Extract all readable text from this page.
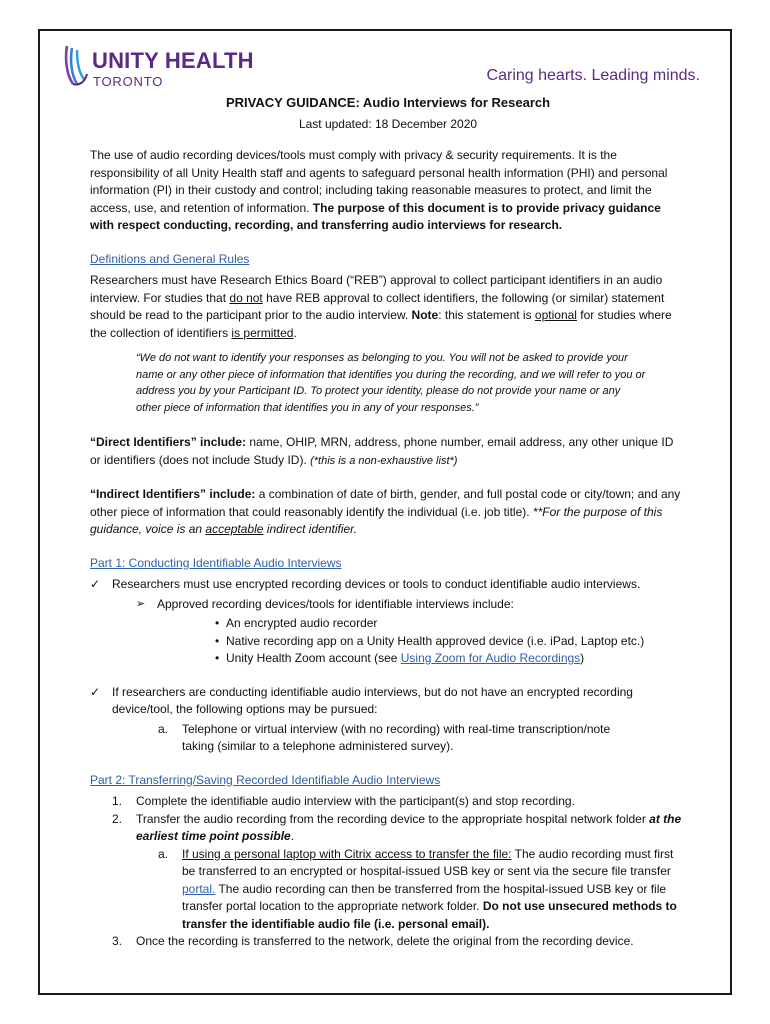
UNITY HEALTH
TORONTO	Caring hearts. Leading minds.

PRIVACY GUIDANCE: Audio Interviews for Research

Last updated: 18 December 2020

The use of audio recording devices/tools must comply with privacy & security requirements. It is the responsibility of all Unity Health staff and agents to safeguard personal health information (PHI) and personal information (PI) in their custody and control; including taking reasonable measures to protect, and limit the access, use, and retention of information. The purpose of this document is to provide privacy guidance with respect conducting, recording, and transferring audio interviews for research.

Definitions and General Rules

Researchers must have Research Ethics Board (“REB”) approval to collect participant identifiers in an audio interview. For studies that do not have REB approval to collect identifiers, the following (or similar) statement should be read to the participant prior to the audio interview. Note: this statement is optional for studies where the collection of identifiers is permitted.

“We do not want to identify your responses as belonging to you. You will not be asked to provide your name or any other piece of information that identifies you during the recording, and we will refer to you or address you by your Participant ID. To protect your identity, please do not provide your name or any other piece of information that identifies you in any of your responses.”

“Direct Identifiers” include: name, OHIP, MRN, address, phone number, email address, any other unique ID or identifiers (does not include Study ID). (*this is a non-exhaustive list*)

“Indirect Identifiers” include: a combination of date of birth, gender, and full postal code or city/town; and any other piece of information that could reasonably identify the individual (i.e. job title). **For the purpose of this guidance, voice is an acceptable indirect identifier.

Part 1: Conducting Identifiable Audio Interviews

✓ Researchers must use encrypted recording devices or tools to conduct identifiable audio interviews.
➢ Approved recording devices/tools for identifiable interviews include:
• An encrypted audio recorder
• Native recording app on a Unity Health approved device (i.e. iPad, Laptop etc.)
• Unity Health Zoom account (see Using Zoom for Audio Recordings)
✓ If researchers are conducting identifiable audio interviews, but do not have an encrypted recording device/tool, the following options may be pursued:
a. Telephone or virtual interview (with no recording) with real-time transcription/note taking (similar to a telephone administered survey).

Part 2: Transferring/Saving Recorded Identifiable Audio Interviews

1. Complete the identifiable audio interview with the participant(s) and stop recording.
2. Transfer the audio recording from the recording device to the appropriate hospital network folder at the earliest time point possible.
a. If using a personal laptop with Citrix access to transfer the file: The audio recording must first be transferred to an encrypted or hospital-issued USB key or sent via the secure file transfer portal. The audio recording can then be transferred from the hospital-issued USB key or file transfer portal location to the appropriate network folder. Do not use unsecured methods to transfer the identifiable audio file (i.e. personal email).
3. Once the recording is transferred to the network, delete the original from the recording device.
